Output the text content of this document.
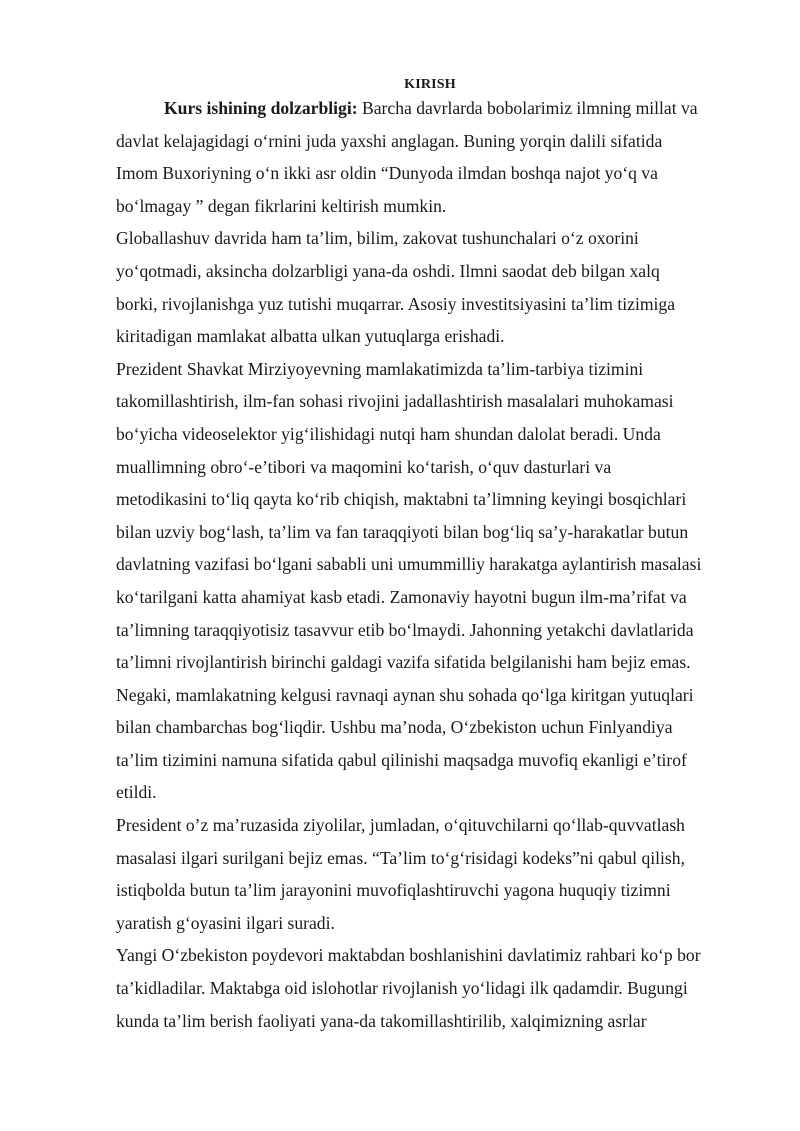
KIRISH
Kurs ishining dolzarbligi: Barcha davrlarda bobolarimiz ilmning millat va
davlat kelajagidagi o‘rnini juda yaxshi anglagan. Buning yorqin dalili sifatida
Imom Buxoriyning o‘n ikki asr oldin “Dunyoda ilmdan boshqa najot yo‘q va
bo‘lmagay ” degan fikrlarini keltirish mumkin.
Globallashuv davrida ham ta’lim, bilim, zakovat tushunchalari o‘z oxorini
yo‘qotmadi, aksincha dolzarbligi yana-da oshdi. Ilmni saodat deb bilgan xalq
borki, rivojlanishga yuz tutishi muqarrar. Asosiy investitsiyasini ta’lim tizimiga
kiritadigan mamlakat albatta ulkan yutuqlarga erishadi.
Prezident Shavkat Mirziyoyevning mamlakatimizda ta’lim-tarbiya tizimini
takomillashtirish, ilm-fan sohasi rivojini jadallashtirish masalalari muhokamasi
bo‘yicha videoselektor yig‘ilishidagi nutqi ham shundan dalolat beradi. Unda
muallimning obro‘-e’tibori va maqomini ko‘tarish, o‘quv dasturlari va
metodikasini to‘liq qayta ko‘rib chiqish, maktabni ta’limning keyingi bosqichlari
bilan uzviy bog‘lash, ta’lim va fan taraqqiyoti bilan bog‘liq sa’y-harakatlar butun
davlatning vazifasi bo‘lgani sababli uni umummilliy harakatga aylantirish masalasi
ko‘tarilgani katta ahamiyat kasb etadi. Zamonaviy hayotni bugun ilm-ma’rifat va
ta’limning taraqqiyotisiz tasavvur etib bo‘lmaydi. Jahonning yetakchi davlatlarida
ta’limni rivojlantirish birinchi galdagi vazifa sifatida belgilanishi ham bejiz emas.
Negaki, mamlakatning kelgusi ravnaqi aynan shu sohada qo‘lga kiritgan yutuqlari
bilan chambarchas bog‘liqdir. Ushbu ma’noda, O‘zbekiston uchun Finlyandiya
ta’lim tizimini namuna sifatida qabul qilinishi maqsadga muvofiq ekanligi e’tirof
etildi.
President o’z ma’ruzasida ziyolilar, jumladan, o‘qituvchilarni qo‘llab-quvvatlash
masalasi ilgari surilgani bejiz emas. “Ta’lim to‘g‘risidagi kodeks”ni qabul qilish,
istiqbolda butun ta’lim jarayonini muvofiqlashtiruvchi yagona huquqiy tizimni
yaratish g‘oyasini ilgari suradi.
Yangi O‘zbekiston poydevori maktabdan boshlanishini davlatimiz rahbari ko‘p bor
ta’kidladilar. Maktabga oid islohotlar rivojlanish yo‘lidagi ilk qadamdir. Bugungi
kunda ta’lim berish faoliyati yana-da takomillashtirilib, xalqimizning asrlar
